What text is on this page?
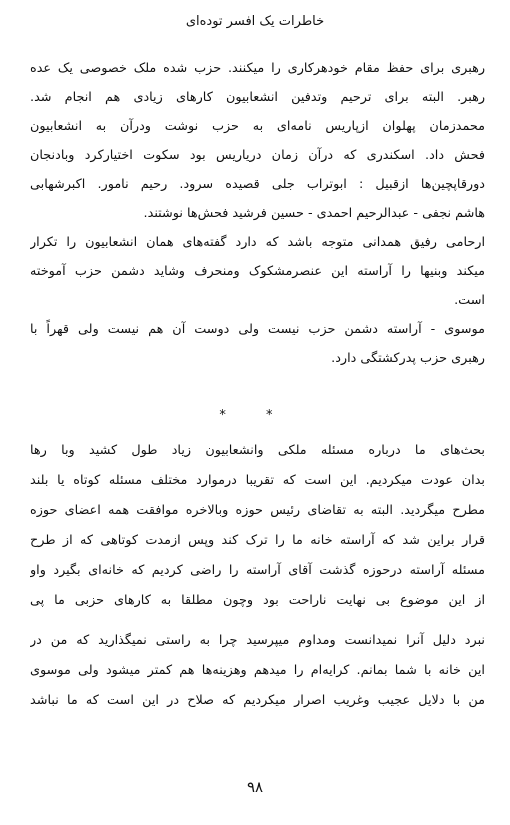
خاطرات یک افسر توده‌ای
رهبری برای حفظ مقام خودهرکاری را میکنند. حزب شده ملک خصوصی یک عده
رهبر. البته برای ترحیم وتدفین انشعابیون کارهای زیادی هم انجام شد.
محمدزمان پهلوان ازپاریس نامه‌ای به حزب نوشت ودرآن به انشعابیون
فحش داد. اسکندری که درآن زمان دریاریس بود سکوت اختیارکرد وبادنجان
دورقاپچین‌ها ازقبیل : ابوتراب جلی قصیده سرود. رحیم نامور. اکبرشهابی
هاشم نجفی - عبدالرحیم احمدی - حسین فرشید فحش‌ها نوشتند.
ارحامی رفیق همدانی متوجه باشد که دارد گفته‌های همان انشعابیون را تکرار
میکند وبنیها را آراسته این عنصرمشکوک ومنحرف وشاید دشمن حزب آموخته
است.
موسوی - آراسته دشمن حزب نیست ولی دوست آن هم نیست ولی قهراً با
رهبری حزب پدرکشتگی دارد.
* *
بحث‌های ما درباره مسئله ملکی وانشعابیون زیاد طول کشید وبا رها
بدان عودت میکردیم. این است که تقریبا درموارد مختلف مسئله کوتاه یا بلند
مطرح میگردید. البته به تقاضای رئیس حوزه وبالاخره موافقت همه اعضای حوزه
قرار براین شد که آراسته خانه ما را ترک کند وپس ازمدت کوتاهی که از طرح
مسئله آراسته درحوزه گذشت آقای آراسته را راضی کردیم که خانه‌ای بگیرد واو
از این موضوع بی نهایت ناراحت بود وچون مطلقا به کارهای حزبی ما پی
نبرد دلیل آنرا نمیدانست ومداوم میپرسید چرا به راستی نمیگذارید که من در
این خانه با شما بمانم. کرایه‌ام را میدهم وهزینه‌ها هم کمتر میشود ولی موسوی
من با دلایل عجیب وغریب اصرار میکردیم که صلاح در این است که ما نباشد
۹۸
